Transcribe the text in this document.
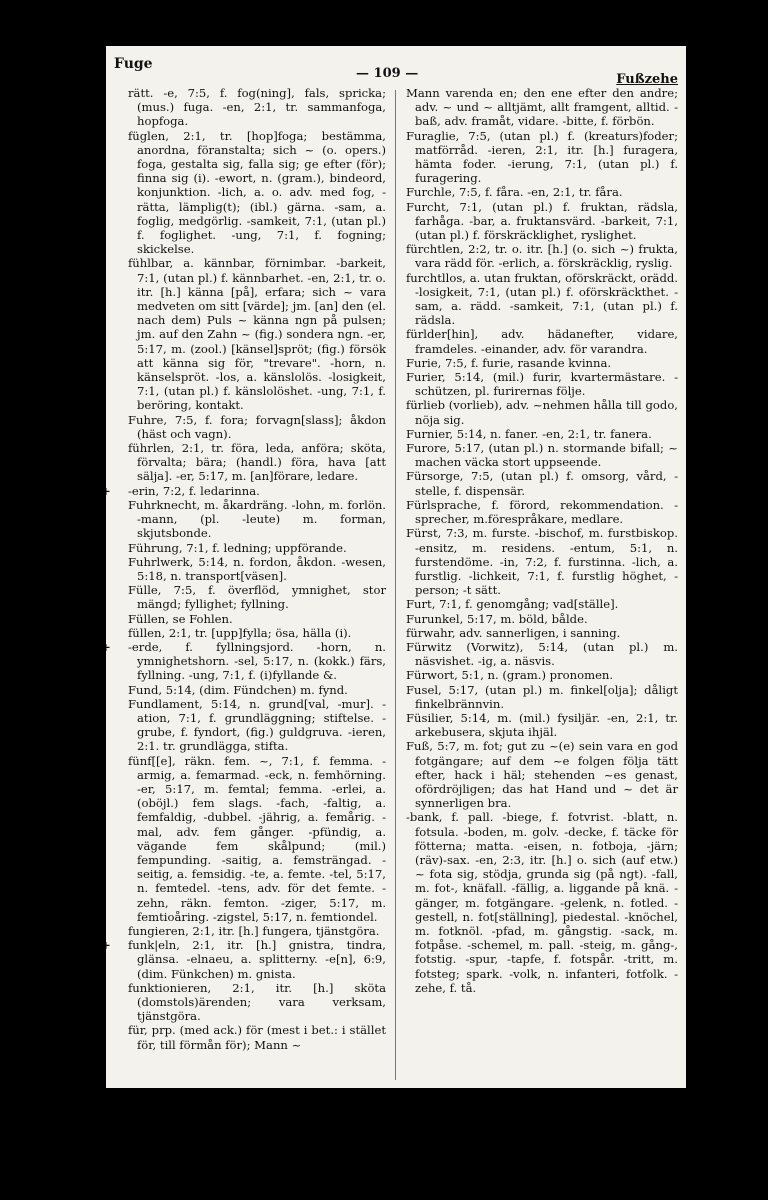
Fuge
— 109 —	Fußzehe

rätt. -e, 7:5, f. fog(ning], fals, spricka; (mus.) fuga. -en, 2:1, tr. sammanfoga, hopfoga.

füglen, 2:1, tr. [hop]foga; bestämma, anordna, föranstalta; sich ~ (o. opers.) foga, gestalta sig, falla sig; ge efter (för); finna sig (i). -ewort, n. (gram.), bindeord, konjunktion. -lich, a. o. adv. med fog, - rätta, lämplig(t); (ibl.) gärna. -sam, a. foglig, medgörlig. -samkeit, 7:1, (utan pl.) f. foglighet. -ung, 7:1, f. fogning; skickelse.

fühlbar, a. kännbar, förnimbar. -barkeit, 7:1, (utan pl.) f. kännbarhet. -en, 2:1, tr. o. itr. [h.] känna [på], erfara; sich ~ vara medveten om sitt [värde]; jm. [an] den (el. nach dem) Puls ~ känna ngn på pulsen; jm. auf den Zahn ~ (fig.) sondera ngn. -er, 5:17, m. (zool.) [känsel]spröt; (fig.) försök att känna sig för, "trevare". -horn, n. känselspröt. -los, a. känslolös. -losigkeit, 7:1, (utan pl.) f. känslolöshet. -ung, 7:1, f. beröring, kontakt.

Fuhre, 7:5, f. fora; forvagn[slass]; åkdon (häst och vagn).

führlen, 2:1, tr. föra, leda, anföra; sköta, förvalta; bära; (handl.) föra, hava [att sälja]. -er, 5:17, m. [an]förare, ledare.

+ -erin, 7:2, f. ledarinna.

Fuhrknecht, m. åkardräng. -lohn, m. forlön. -mann, (pl. -leute) m. forman, skjutsbonde.

Führung, 7:1, f. ledning; uppförande.

Fuhrlwerk, 5:14, n. fordon, åkdon. -wesen, 5:18, n. transport[väsen].

Fülle, 7:5, f. överflöd, ymnighet, stor mängd; fyllighet; fyllning.

Füllen, se Fohlen.

füllen, 2:1, tr. [upp]fylla; ösa, hälla (i).

+ -erde, f. fyllningsjord. -horn, n. ymnighetshorn. -sel, 5:17, n. (kokk.) färs, fyllning. -ung, 7:1, f. (i)fyllande &.

Fund, 5:14, (dim. Fündchen) m. fynd.

Fundlament, 5:14, n. grund[val, -mur]. -ation, 7:1, f. grundläggning; stiftelse. -grube, f. fyndort, (fig.) guldgruva. -ieren, 2:1. tr. grundlägga, stifta.

fünf[[e], räkn. fem. ~, 7:1, f. femma. -armig, a. femarmad. -eck, n. femhörning. -er, 5:17, m. femtal; femma. -erlei, a. (oböjl.) fem slags. -fach, -faltig, a. femfaldig, -dubbel. -jährig, a. femårig. -mal, adv. fem gånger. -pfündig, a. vägande fem skålpund; (mil.) fempunding. -saitig, a. femsträngad. -seitig, a. femsidig. -te, a. femte. -tel, 5:17, n. femtedel. -tens, adv. för det femte. -zehn, räkn. femton. -ziger, 5:17, m. femtioåring. -zigstel, 5:17, n. femtiondel.

fungieren, 2:1, itr. [h.] fungera, tjänstgöra.

+ funk|eln, 2:1, itr. [h.] gnistra, tindra, glänsa. -elnaeu, a. splitterny. -e[n], 6:9, (dim. Fünkchen) m. gnista.

funktionieren, 2:1, itr. [h.] sköta (domstols)ärenden; vara verksam, tjänstgöra.

für, prp. (med ack.) för (mest i bet.: i stället för, till förmån för); Mann ~

Mann varenda en; den ene efter den andre; adv. ~ und ~ alltjämt, allt framgent, alltid. -baß, adv. framåt, vidare. -bitte, f. förbön.

Furaglie, 7:5, (utan pl.) f. (kreaturs)foder; matförråd. -ieren, 2:1, itr. [h.] furagera, hämta foder. -ierung, 7:1, (utan pl.) f. furagering.

Furchle, 7:5, f. fåra. -en, 2:1, tr. fåra.

Furcht, 7:1, (utan pl.) f. fruktan, rädsla, farhåga. -bar, a. fruktansvärd. -barkeit, 7:1, (utan pl.) f. förskräcklighet, ryslighet.

fürchtlen, 2:2, tr. o. itr. [h.] (o. sich ~) frukta, vara rädd för. -erlich, a. förskräcklig, ryslig.

furchtllos, a. utan fruktan, oförskräckt, orädd. -losigkeit, 7:1, (utan pl.) f. oförskräckthet. -sam, a. rädd. -samkeit, 7:1, (utan pl.) f. rädsla.

fürlder[hin], adv. hädanefter, vidare, framdeles. -einander, adv. för varandra.

Furie, 7:5, f. furie, rasande kvinna.

Furier, 5:14, (mil.) furir, kvartermästare. -schützen, pl. furirernas följe.

fürlieb (vorlieb), adv. ~nehmen hålla till godo, nöja sig.

Furnier, 5:14, n. faner. -en, 2:1, tr. fanera.

Furore, 5:17, (utan pl.) n. stormande bifall; ~ machen väcka stort uppseende.

Fürsorge, 7:5, (utan pl.) f. omsorg, vård, -stelle, f. dispensär.

Fürlsprache, f. förord, rekommendation. -sprecher, m.förespråkare, medlare.

Fürst, 7:3, m. furste. -bischof, m. furstbiskop. -ensitz, m. residens. -entum, 5:1, n. furstendöme. -in, 7:2, f. furstinna. -lich, a. furstlig. -lichkeit, 7:1, f. furstlig höghet, - person; -t sätt.

Furt, 7:1, f. genomgång; vad[ställe].

Furunkel, 5:17, m. böld, bålde.

fürwahr, adv. sannerligen, i sanning.

Fürwitz (Vorwitz), 5:14, (utan pl.) m. näsvishet. -ig, a. näsvis.

Fürwort, 5:1, n. (gram.) pronomen.

Fusel, 5:17, (utan pl.) m. finkel[olja]; dåligt finkelbrännvin.

Füsilier, 5:14, m. (mil.) fysiljär. -en, 2:1, tr. arkebusera, skjuta ihjäl.

Fuß, 5:7, m. fot; gut zu ~(e) sein vara en god fotgängare; auf dem ~e folgen följa tätt efter, hack i häl; stehenden ~es genast, ofördröjligen; das hat Hand und ~ det är synnerligen bra.

-bank, f. pall. -biege, f. fotvrist. -blatt, n. fotsula. -boden, m. golv. -decke, f. täcke för fötterna; matta. -eisen, n. fotboja, -järn; (räv)-sax. -en, 2:3, itr. [h.] o. sich (auf etw.) ~ fota sig, stödja, grunda sig (på ngt). -fall, m. fot-, knäfall. -fällig, a. liggande på knä. -gänger, m. fotgängare. -gelenk, n. fotled. -gestell, n. fot[ställning], piedestal. -knöchel, m. fotknöl. -pfad, m. gångstig. -sack, m. fotpåse. -schemel, m. pall. -steig, m. gång-, fotstig. -spur, -tapfe, f. fotspår. -tritt, m. fotsteg; spark. -volk, n. infanteri, fotfolk. -zehe, f. tå.
